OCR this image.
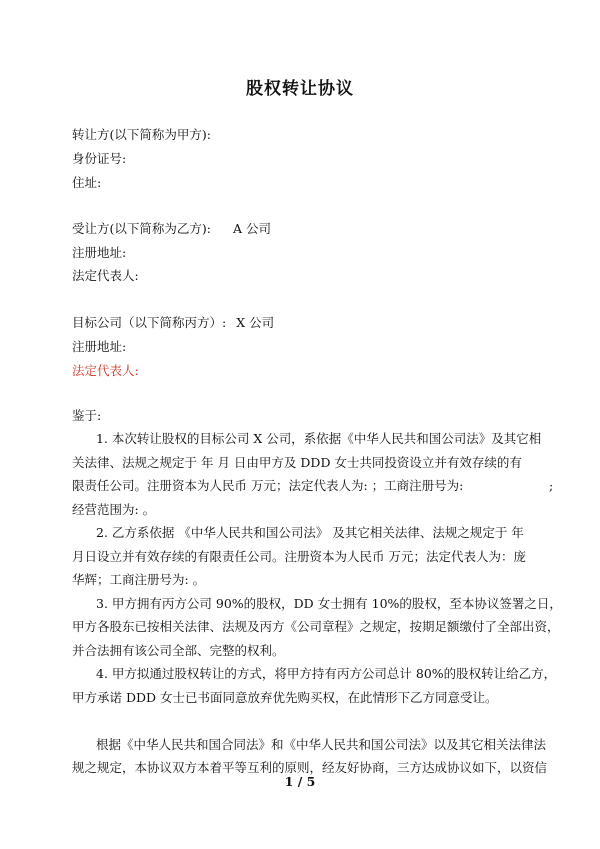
股权转让协议
转让方(以下简称为甲方):
身份证号:
住址:
受让方(以下简称为乙方): A 公司
注册地址:
法定代表人:
目标公司（以下简称丙方）: X 公司
注册地址:
法定代表人:
鉴于:
1. 本次转让股权的目标公司 X 公司，系依据《中华人民共和国公司法》及其它相
关法律、法规之规定于 年 月 日由甲方及 DDD 女士共同投资设立并有效存续的有
限责任公司。注册资本为人民币 万元；法定代表人为: ；工商注册号为:	;
经营范围为: 。
2. 乙方系依据 《中华人民共和国公司法》 及其它相关法律、法规之规定于 年
月日设立并有效存续的有限责任公司。注册资本为人民币 万元；法定代表人为：庞
华辉；工商注册号为: 。
3. 甲方拥有丙方公司 90%的股权，DD 女士拥有 10%的股权，至本协议签署之日，
甲方各股东已按相关法律、法规及丙方《公司章程》之规定，按期足额缴付了全部出资，
并合法拥有该公司全部、完整的权利。
4. 甲方拟通过股权转让的方式，将甲方持有丙方公司总计 80%的股权转让给乙方，
甲方承诺 DDD 女士已书面同意放弃优先购买权，在此情形下乙方同意受让。
根据《中华人民共和国合同法》和《中华人民共和国公司法》以及其它相关法律法
规之规定，本协议双方本着平等互利的原则，经友好协商，三方达成协议如下，以资信
1 / 5
